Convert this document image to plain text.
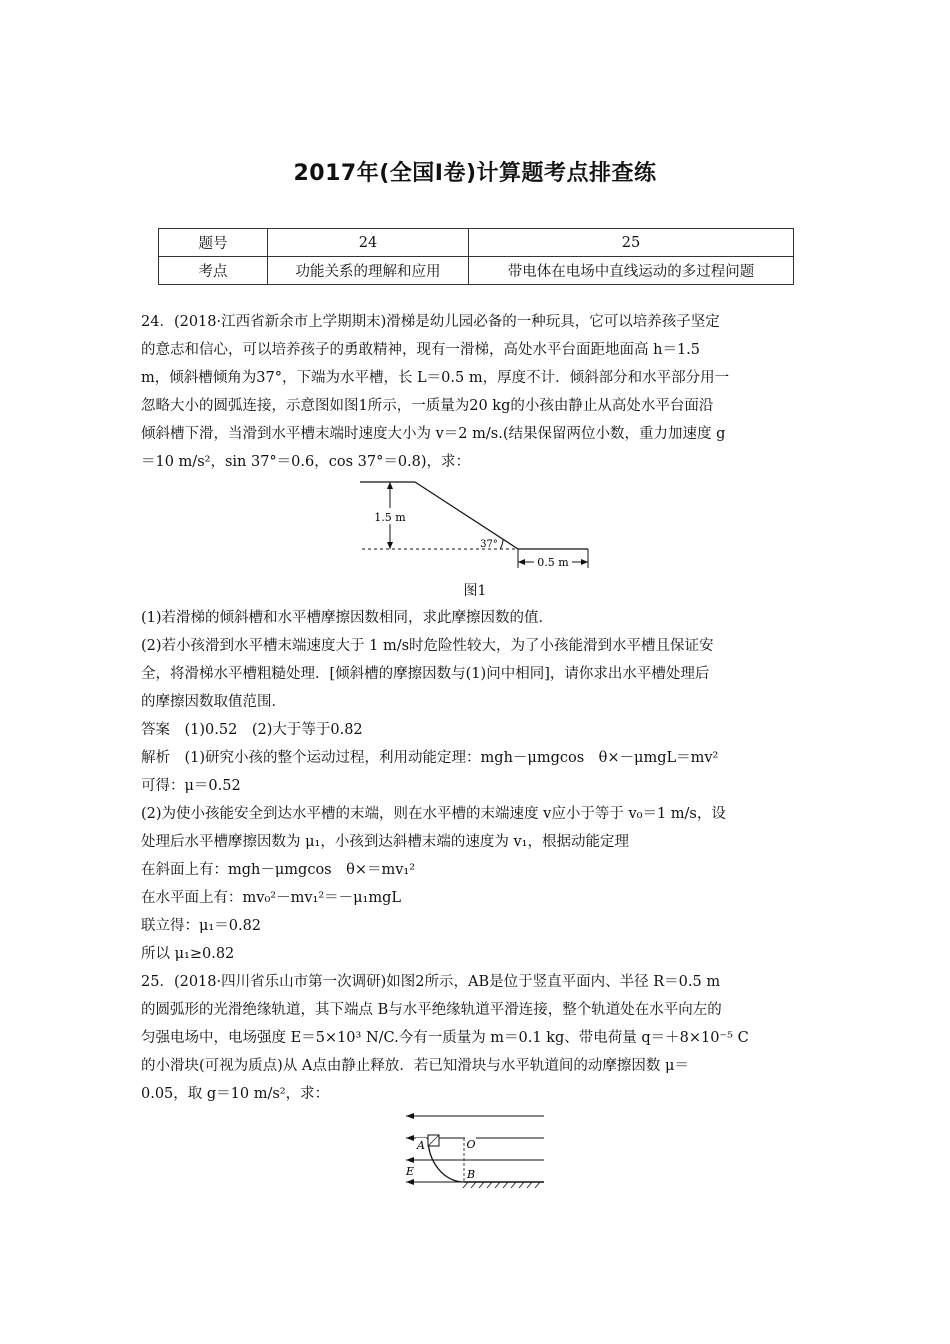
2017年(全国Ⅰ卷)计算题考点排查练
题号	24	25
考点	功能关系的理解和应用	带电体在电场中直线运动的多过程问题

24．(2018·江西省新余市上学期期末)滑梯是幼儿园必备的一种玩具，它可以培养孩子坚定

的意志和信心，可以培养孩子的勇敢精神，现有一滑梯，高处水平台面距地面高 h＝1.5

m，倾斜槽倾角为37°，下端为水平槽，长 L＝0.5 m，厚度不计．倾斜部分和水平部分用一

忽略大小的圆弧连接，示意图如图1所示，一质量为20 kg的小孩由静止从高处水平台面沿

倾斜槽下滑，当滑到水平槽末端时速度大小为 v＝2 m/s.(结果保留两位小数，重力加速度 g

＝10 m/s²，sin 37°＝0.6，cos 37°＝0.8)，求：

1.5 m
37°
0.5 m
图1

(1)若滑梯的倾斜槽和水平槽摩擦因数相同，求此摩擦因数的值．

(2)若小孩滑到水平槽末端速度大于 1 m/s时危险性较大，为了小孩能滑到水平槽且保证安

全，将滑梯水平槽粗糙处理．[倾斜槽的摩擦因数与(1)问中相同]，请你求出水平槽处理后

的摩擦因数取值范围．

答案　(1)0.52　(2)大于等于0.82

解析　(1)研究小孩的整个运动过程，利用动能定理：mgh－μmgcos　θ×－μmgL＝mv²

可得：μ＝0.52

(2)为使小孩能安全到达水平槽的末端，则在水平槽的末端速度 v应小于等于 v₀＝1 m/s，设

处理后水平槽摩擦因数为 μ₁，小孩到达斜槽末端的速度为 v₁，根据动能定理

在斜面上有：mgh－μmgcos　θ×＝mv₁²

在水平面上有：mv₀²－mv₁²＝－μ₁mgL

联立得：μ₁＝0.82

所以 μ₁≥0.82

25．(2018·四川省乐山市第一次调研)如图2所示，AB是位于竖直平面内、半径 R＝0.5 m

的圆弧形的光滑绝缘轨道，其下端点 B与水平绝缘轨道平滑连接，整个轨道处在水平向左的

匀强电场中，电场强度 E＝5×10³ N/C.今有一质量为 m＝0.1 kg、带电荷量 q＝＋8×10⁻⁵ C

的小滑块(可视为质点)从 A点由静止释放．若已知滑块与水平轨道间的动摩擦因数 μ＝

0.05，取 g＝10 m/s²，求：

A	O
E	B
